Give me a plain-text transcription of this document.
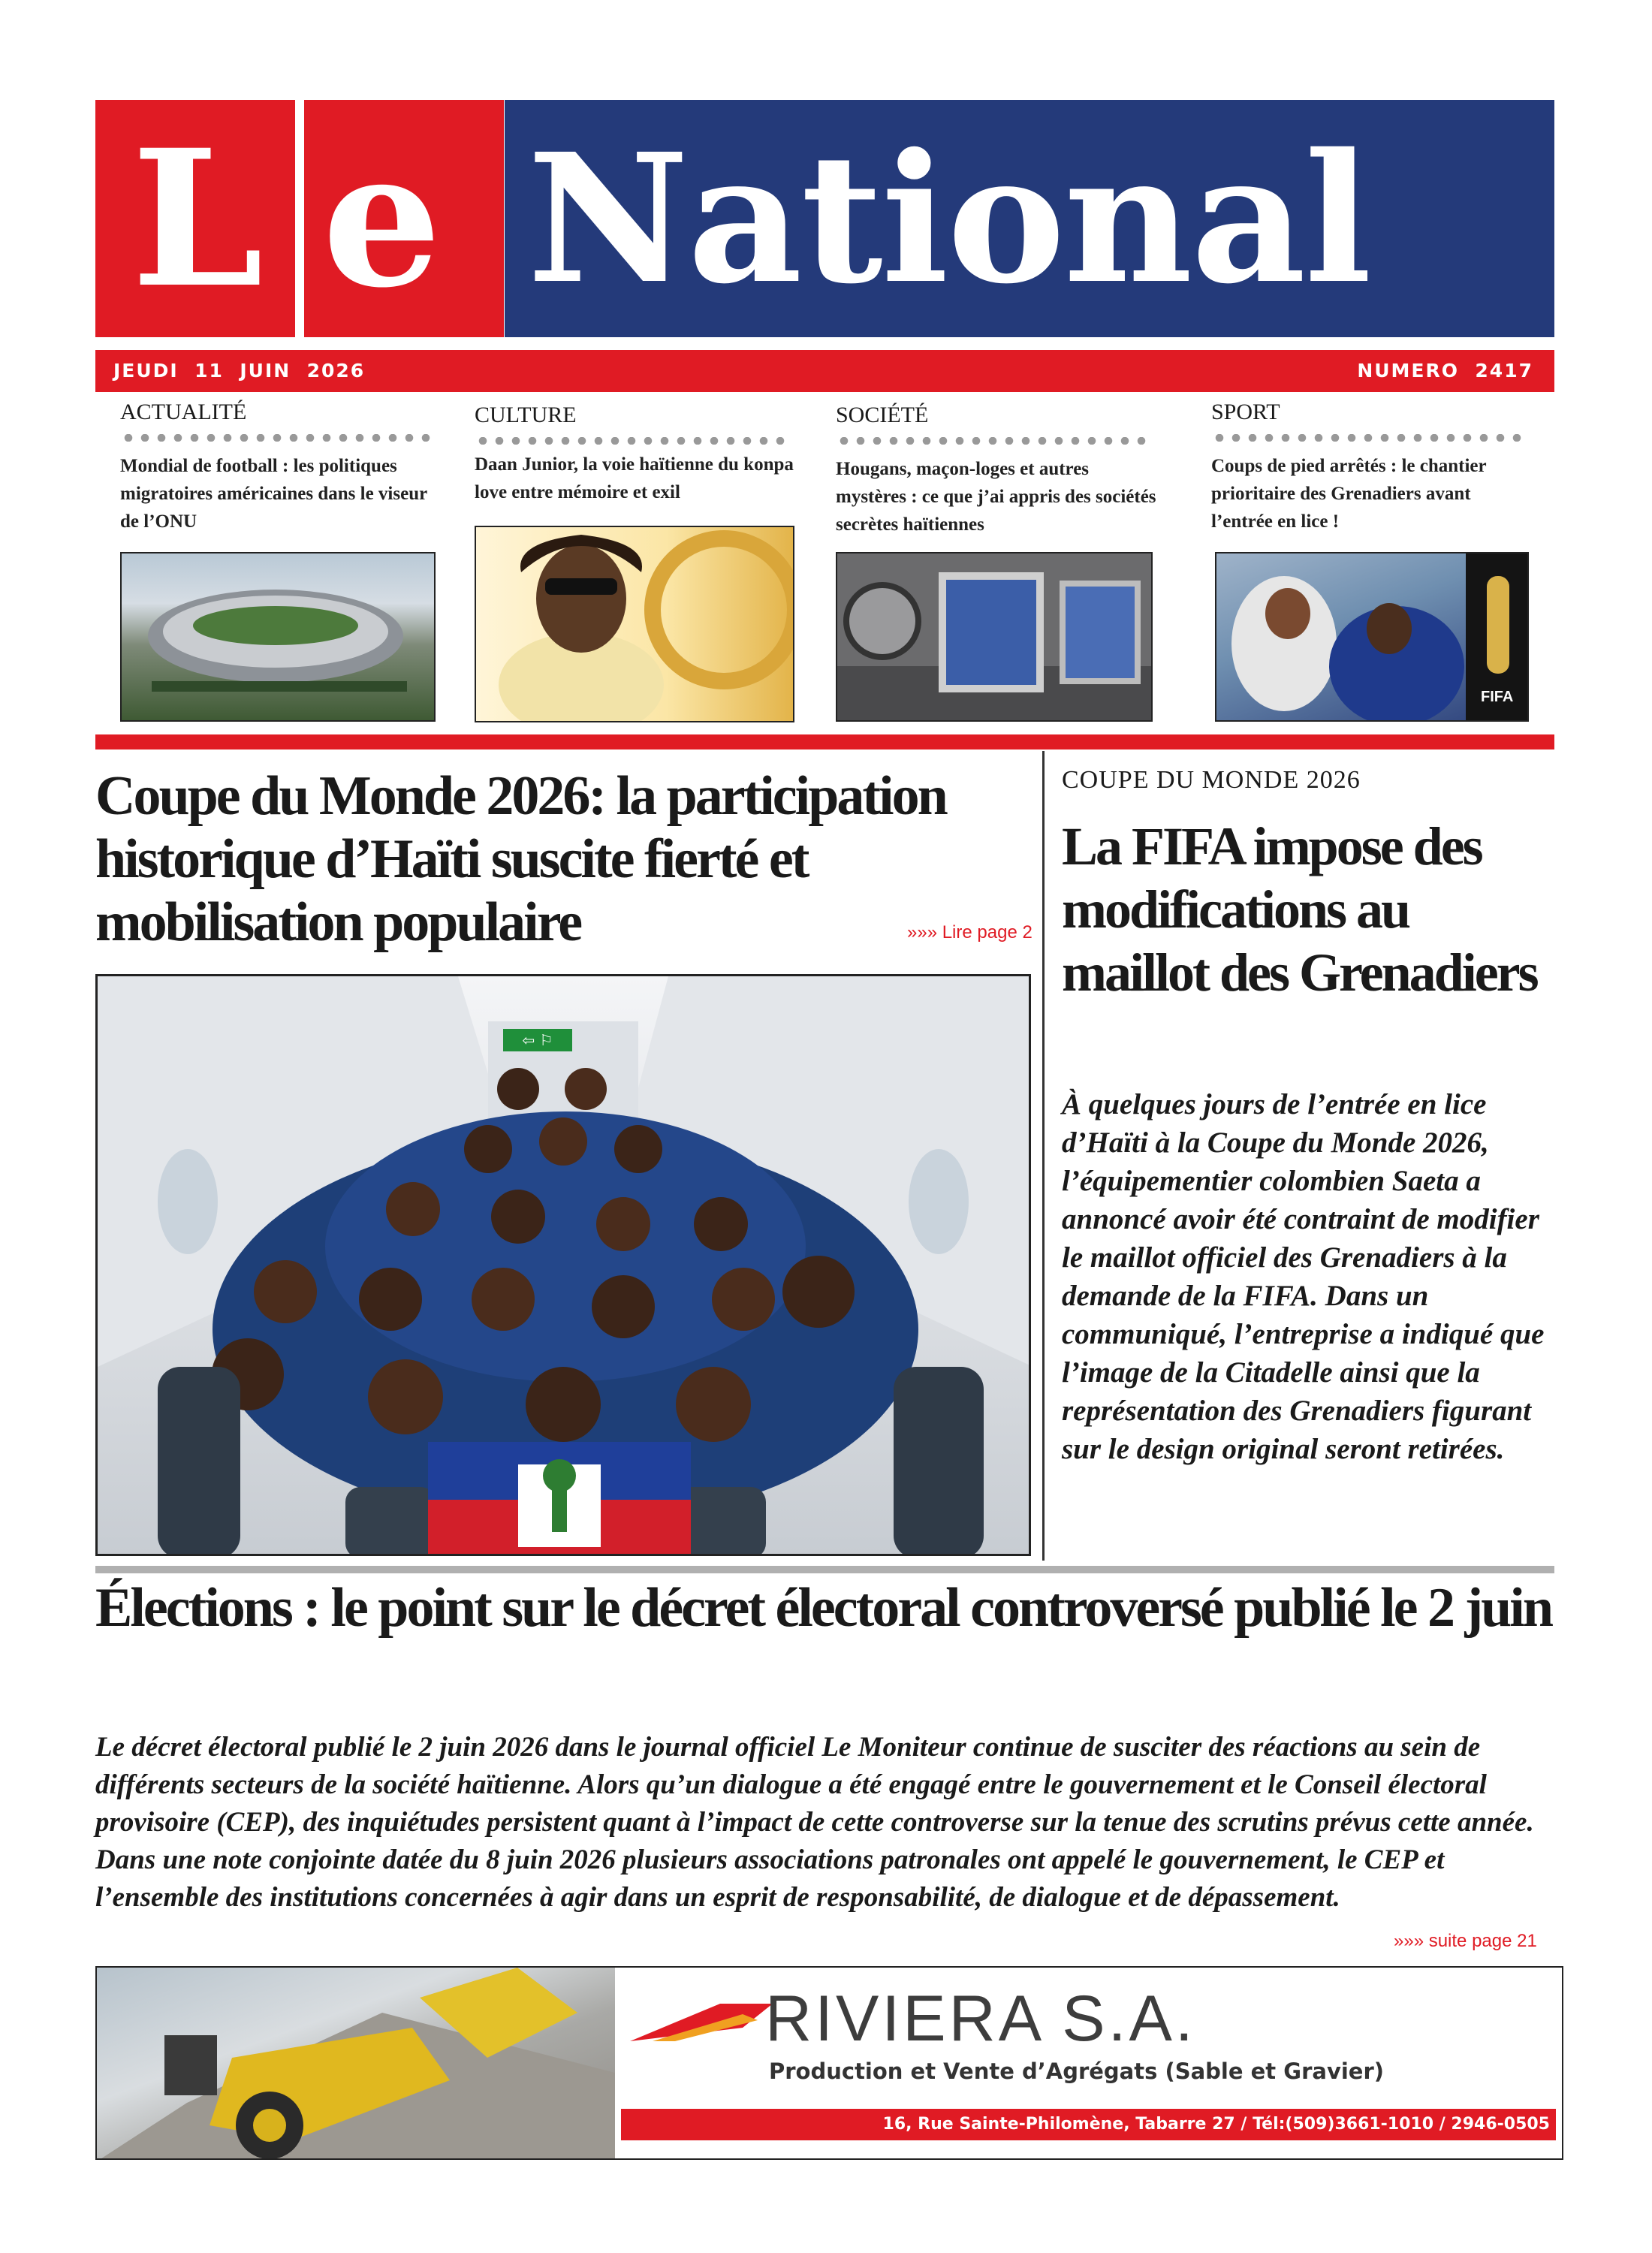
L e National
JEUDI  11  JUIN  2026	NUMERO  2417
ACTUALITÉ
Mondial de football : les politiques migratoires américaines dans le viseur de l’ONU
CULTURE
Daan Junior, la voie haïtienne du konpa love entre mémoire et exil
SOCIÉTÉ
Hougans, maçon-loges et autres mystères : ce que j’ai appris des sociétés secrètes haïtiennes
SPORT
Coups de pied arrêtés : le chantier prioritaire des Grenadiers avant l’entrée en lice !
FIFA
Coupe du Monde 2026: la participation historique d’Haïti suscite fierté et mobilisation populaire	»»» Lire page 2
⇦ ⚐
COUPE DU MONDE 2026
La FIFA impose des modifications au maillot des Grenadiers
À quelques jours de l’entrée en lice d’Haïti à la Coupe du Monde 2026, l’équipementier colombien Saeta a annoncé avoir été contraint de modifier le maillot officiel des Grenadiers à la demande de la FIFA. Dans un communiqué, l’entreprise a indiqué que l’image de la Citadelle ainsi que la représentation des Grenadiers figurant sur le design original seront retirées.
Élections : le point sur le décret électoral controversé publié le 2 juin
Le décret électoral publié le 2 juin 2026 dans le journal officiel Le Moniteur continue de susciter des réactions au sein de différents secteurs de la société haïtienne. Alors qu’un dialogue a été engagé entre le gouvernement et le Conseil électoral provisoire (CEP), des inquiétudes persistent quant à l’impact de cette controverse sur la tenue des scrutins prévus cette année. Dans une note conjointe datée du 8 juin 2026 plusieurs associations patronales ont appelé le gouvernement, le CEP et l’ensemble des institutions concernées à agir dans un esprit de responsabilité, de dialogue et de dépassement.
»»» suite page 21
RIVIERA S.A.
Production et Vente d’Agrégats (Sable et Gravier)
16, Rue Sainte-Philomène, Tabarre 27 / Tél:(509)3661-1010 / 2946-0505
